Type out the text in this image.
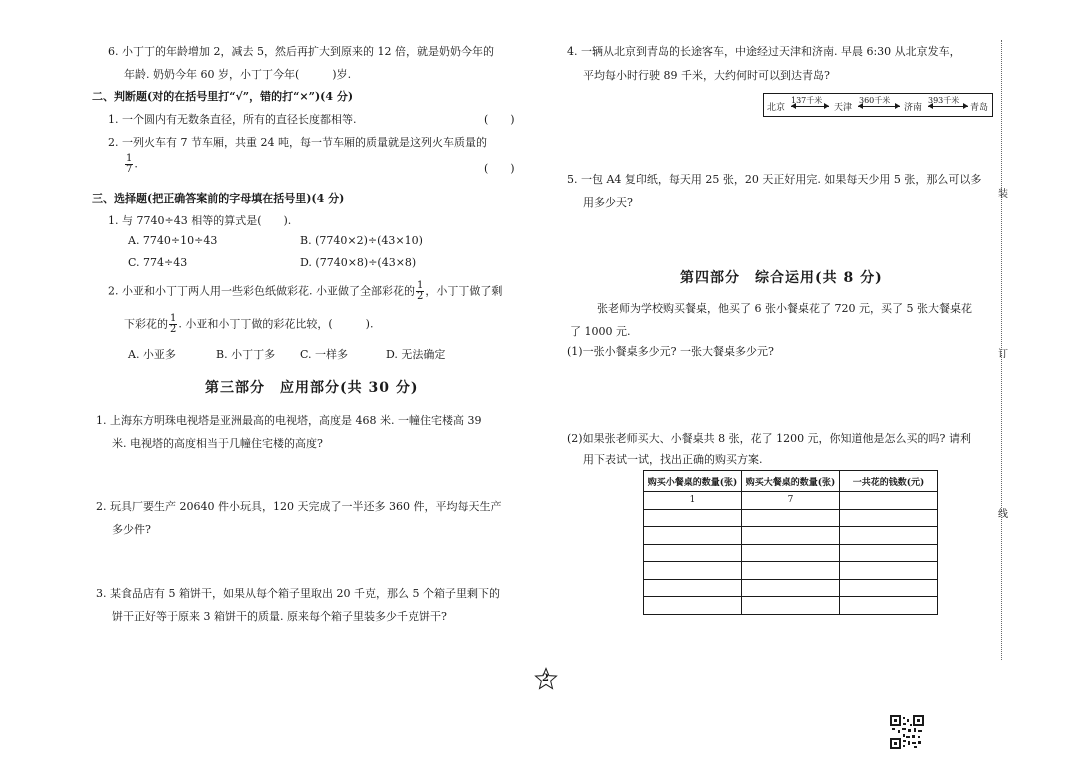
6. 小丁丁的年龄增加 2，减去 5，然后再扩大到原来的 12 倍，就是奶奶今年的
年龄. 奶奶今年 60 岁，小丁丁今年(　　　)岁.
二、判断题(对的在括号里打“√”，错的打“×”)(4 分)
1. 一个圆内有无数条直径，所有的直径长度都相等.	(　　)
2. 一列火车有 7 节车厢，共重 24 吨，每一节车厢的质量就是这列火车质量的
$\frac{1}{7}$ .	(　　)
三、选择题(把正确答案前的字母填在括号里)(4 分)
1. 与 7740÷43 相等的算式是(　　).
A. 7740÷10÷43	B. (7740×2)÷(43×10)
C. 774÷43	D. (7740×8)÷(43×8)
2. 小亚和小丁丁两人用一些彩色纸做彩花. 小亚做了全部彩花的 $\frac{1}{2}$ ，小丁丁做了剩
下彩花的 $\frac{1}{2}$ . 小亚和小丁丁做的彩花比较，(　　　).
A. 小亚多	B. 小丁丁多 C. 一样多	D. 无法确定
第三部分　应用部分(共 30 分)
1. 上海东方明珠电视塔是亚洲最高的电视塔，高度是 468 米. 一幢住宅楼高 39
米. 电视塔的高度相当于几幢住宅楼的高度?
2. 玩具厂要生产 20640 件小玩具，120 天完成了一半还多 360 件，平均每天生产
多少件?
3. 某食品店有 5 箱饼干，如果从每个箱子里取出 20 千克，那么 5 个箱子里剩下的
饼干正好等于原来 3 箱饼干的质量. 原来每个箱子里装多少千克饼干?
4. 一辆从北京到青岛的长途客车，中途经过天津和济南. 早晨 6:30 从北京发车，
平均每小时行驶 89 千米，大约何时可以到达青岛?
北京
137千米
天津
360千米
济南
393千米
青岛
5. 一包 A4 复印纸，每天用 25 张，20 天正好用完. 如果每天少用 5 张，那么可以多
用多少天?
第四部分　综合运用(共 8 分)
张老师为学校购买餐桌，他买了 6 张小餐桌花了 720 元，买了 5 张大餐桌花
了 1000 元.
(1)一张小餐桌多少元? 一张大餐桌多少元?
(2)如果张老师买大、小餐桌共 8 张，花了 1200 元，你知道他是怎么买的吗? 请利
用下表试一试，找出正确的购买方案.
购买小餐桌的数量(张)	购买大餐桌的数量(张)	一共花的钱数(元)
1	7	

装
订
线
2
